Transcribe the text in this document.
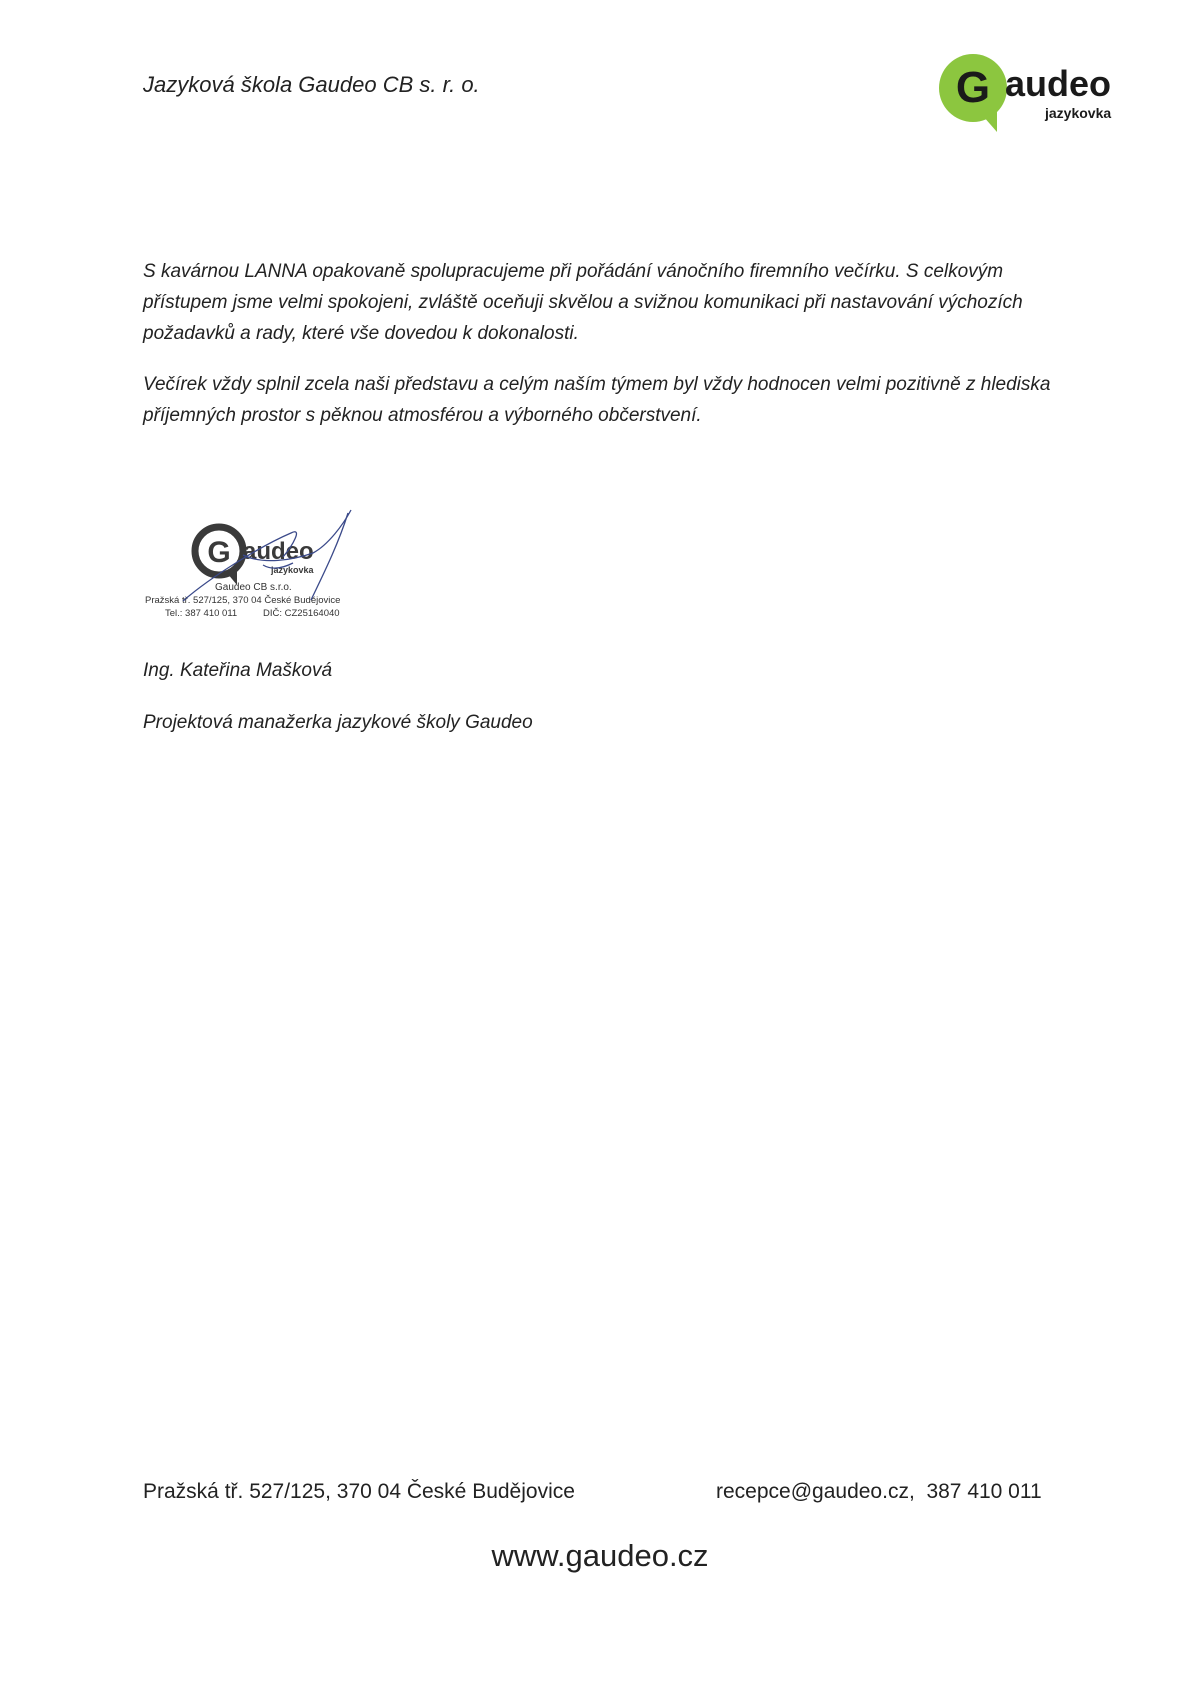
Jazyková škola Gaudeo CB s. r. o.	G audeo
jazykovka

S kavárnou LANNA opakovaně spolupracujeme při pořádání vánočního firemního večírku. S celkovým přístupem jsme velmi spokojeni, zvláště oceňuji skvělou a svižnou komunikaci při nastavování výchozích požadavků a rady, které vše dovedou k dokonalosti.

Večírek vždy splnil zcela naši představu a celým naším týmem byl vždy hodnocen velmi pozitivně z hlediska příjemných prostor s pěknou atmosférou a výborného občerstvení.

G audeo
jazykovka
Gaudeo CB s.r.o.
Pražská tř. 527/125, 370 04 České Budějovice
Tel.: 387 410 011	DIČ: CZ25164040
Ing. Kateřina Mašková
Projektová manažerka jazykové školy Gaudeo
Pražská tř. 527/125, 370 04 České Budějovice	recepce@gaudeo.cz,  387 410 011
www.gaudeo.cz
